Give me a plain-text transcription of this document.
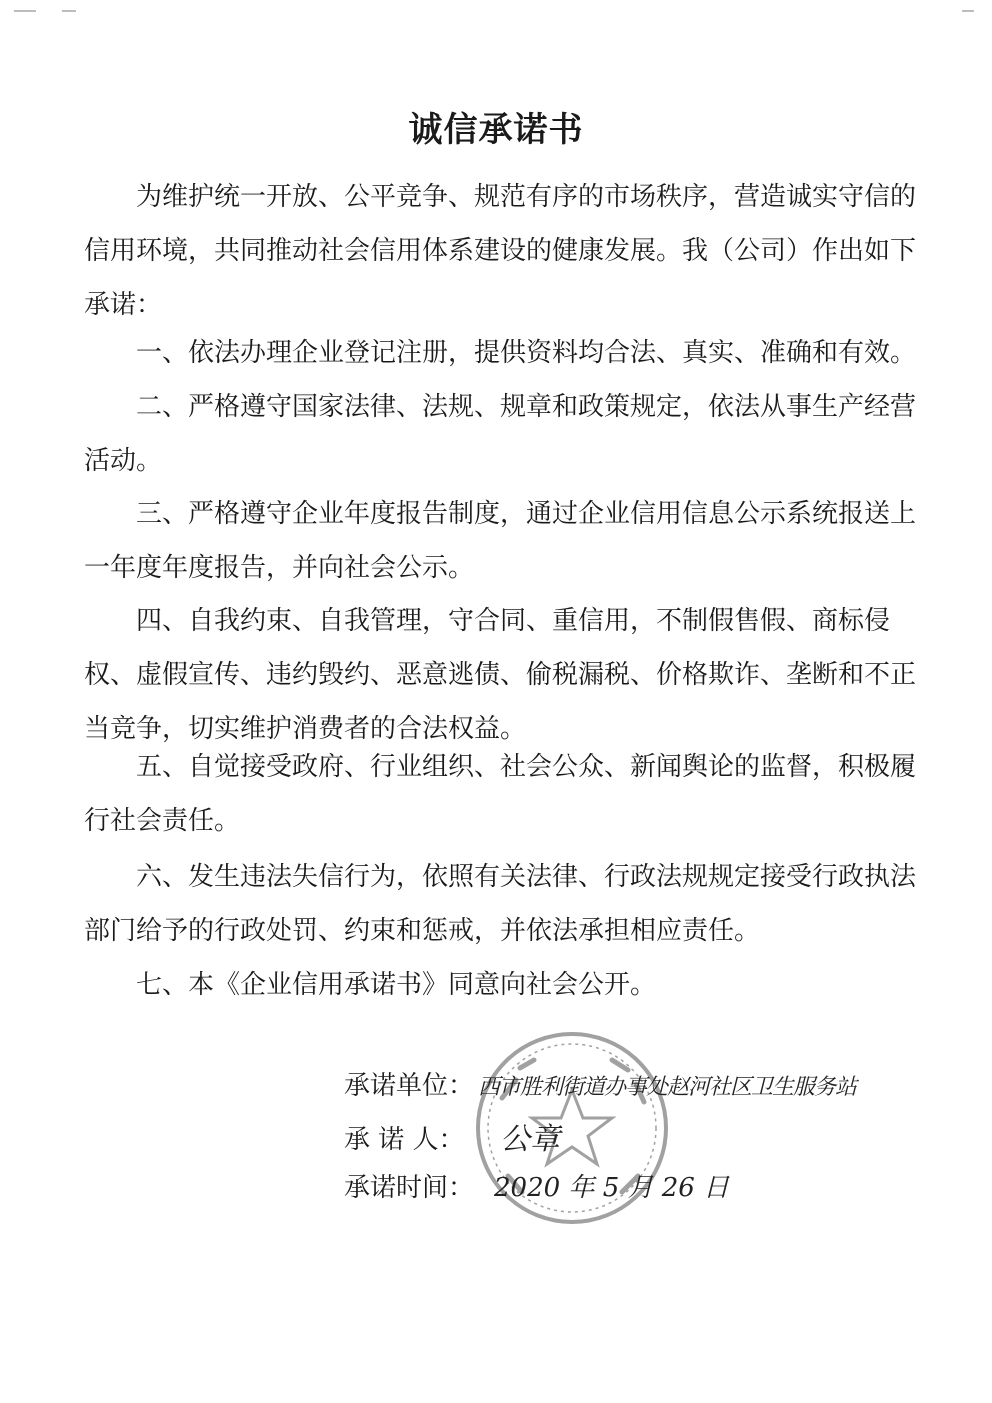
诚信承诺书
为维护统一开放、公平竞争、规范有序的市场秩序，营造诚实守信的信用环境，共同推动社会信用体系建设的健康发展。我（公司）作出如下承诺：
一、依法办理企业登记注册，提供资料均合法、真实、准确和有效。
二、严格遵守国家法律、法规、规章和政策规定，依法从事生产经营活动。
三、严格遵守企业年度报告制度，通过企业信用信息公示系统报送上一年度年度报告，并向社会公示。
四、自我约束、自我管理，守合同、重信用，不制假售假、商标侵权、虚假宣传、违约毁约、恶意逃债、偷税漏税、价格欺诈、垄断和不正当竞争，切实维护消费者的合法权益。
五、自觉接受政府、行业组织、社会公众、新闻舆论的监督，积极履行社会责任。
六、发生违法失信行为，依照有关法律、行政法规规定接受行政执法部门给予的行政处罚、约束和惩戒，并依法承担相应责任。
七、本《企业信用承诺书》同意向社会公开。
承诺单位： 西市胜利街道办事处赵河社区卫生服务站
承 诺 人： 公章
承诺时间： 2020 年 5 月 26 日
